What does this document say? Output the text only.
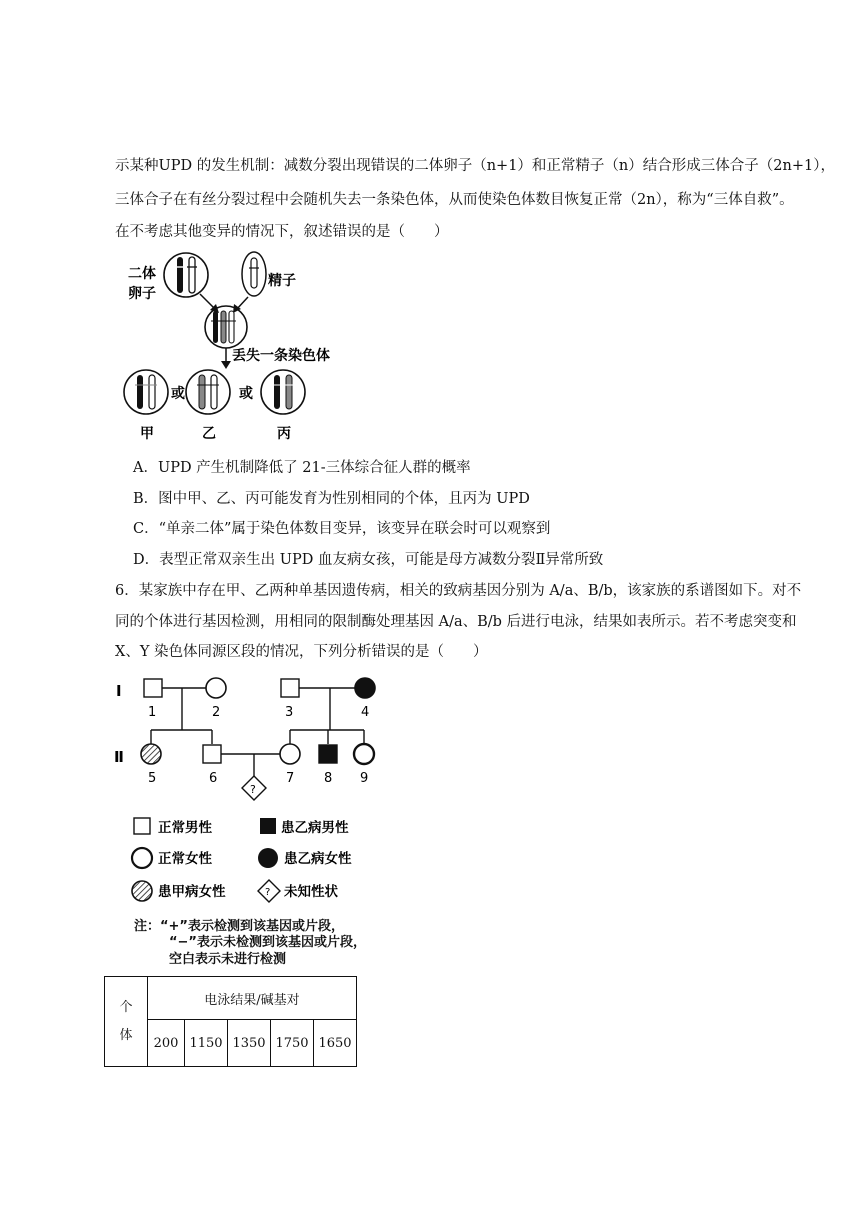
示某种UPD 的发生机制：减数分裂出现错误的二体卵子（n+1）和正常精子（n）结合形成三体合子（2n+1），
三体合子在有丝分裂过程中会随机失去一条染色体，从而使染色体数目恢复正常（2n），称为“三体自救”。
在不考虑其他变异的情况下，叙述错误的是（　　）
二体
卵子
精子
丢失一条染色体
或	或
甲	乙	丙
A．UPD 产生机制降低了 21-三体综合征人群的概率
B．图中甲、乙、丙可能发育为性别相同的个体，且丙为 UPD
C．“单亲二体”属于染色体数目变异，该变异在联会时可以观察到
D．表型正常双亲生出 UPD 血友病女孩，可能是母方减数分裂Ⅱ异常所致
6．某家族中存在甲、乙两种单基因遗传病，相关的致病基因分别为 A/a、B/b，该家族的系谱图如下。对不
同的个体进行基因检测，用相同的限制酶处理基因 A/a、B/b 后进行电泳，结果如表所示。若不考虑突变和
X、Y 染色体同源区段的情况，下列分析错误的是（　　）
I
Ⅱ
?
1	2	3	4
5	6	7 8 9
正常男性	患乙病男性
正常女性	患乙病女性
患甲病女性	? 未知性状
注：“+”表示检测到该基因或片段，
“−”表示未检测到该基因或片段，
空白表示未进行检测
个
体	电泳结果/碱基对				
	200	1150	1350	1750	1650
